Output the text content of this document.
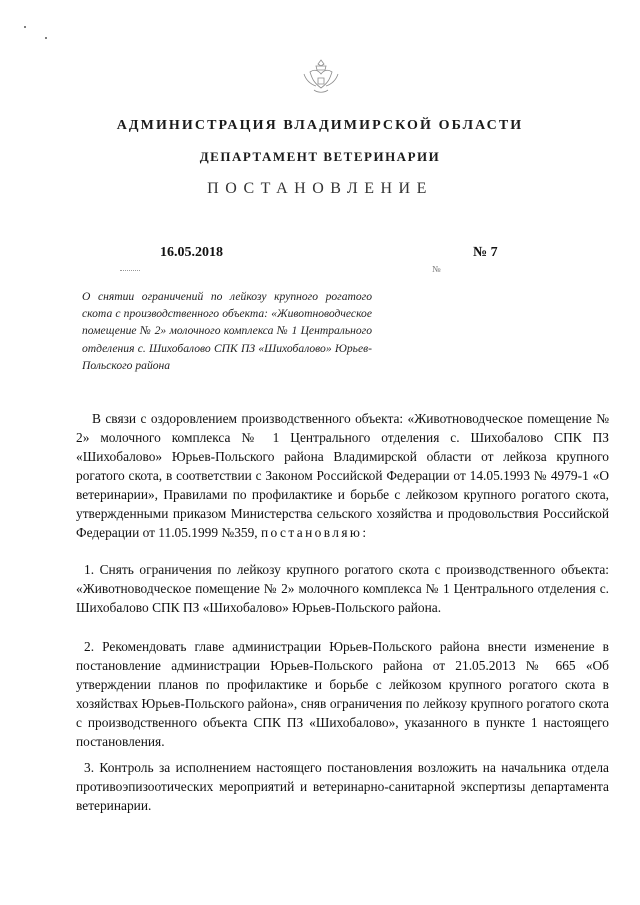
АДМИНИСТРАЦИЯ ВЛАДИМИРСКОЙ ОБЛАСТИ
ДЕПАРТАМЕНТ ВЕТЕРИНАРИИ
ПОСТАНОВЛЕНИЕ
16.05.2018	№ 7
№
О снятии ограничений по лейкозу крупного рогатого скота с производственного объекта: «Животноводческое помещение № 2» молочного комплекса № 1 Центрального отделения с. Шихобалово СПК ПЗ «Шихобалово» Юрьев-Польского района
В связи с оздоровлением производственного объекта: «Животноводческое помещение № 2» молочного комплекса № 1 Центрального отделения с. Шихобалово СПК ПЗ «Шихобалово» Юрьев-Польского района Владимирской области от лейкоза крупного рогатого скота, в соответствии с Законом Российской Федерации от 14.05.1993 № 4979-1 «О ветеринарии», Правилами по профилактике и борьбе с лейкозом крупного рогатого скота, утвержденными приказом Министерства сельского хозяйства и продовольствия Российской Федерации от 11.05.1999 №359, постановляю:
1. Снять ограничения по лейкозу крупного рогатого скота с производственного объекта: «Животноводческое помещение № 2» молочного комплекса № 1 Центрального отделения с. Шихобалово СПК ПЗ «Шихобалово» Юрьев-Польского района.
2. Рекомендовать главе администрации Юрьев-Польского района внести изменение в постановление администрации Юрьев-Польского района от 21.05.2013 № 665 «Об утверждении планов по профилактике и борьбе с лейкозом крупного рогатого скота в хозяйствах Юрьев-Польского района», сняв ограничения по лейкозу крупного рогатого скота с производственного объекта СПК ПЗ «Шихобалово», указанного в пункте 1 настоящего постановления.
3. Контроль за исполнением настоящего постановления возложить на начальника отдела противоэпизоотических мероприятий и ветеринарно-санитарной экспертизы департамента ветеринарии.
